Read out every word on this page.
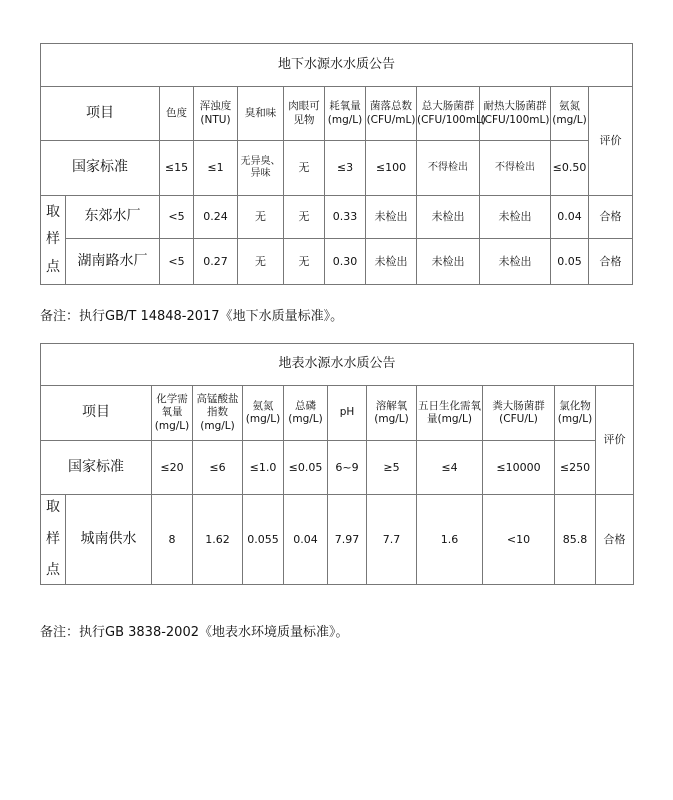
地下水源水水质公告											
项目		色度	浑浊度(NTU)	臭和味	肉眼可见物	耗氧量(mg/L)	菌落总数(CFU/mL)	总大肠菌群(CFU/100mL)	耐热大肠菌群(CFU/100mL)	氨氮(mg/L)	评价
国家标准		≤15	≤1	无异臭、异味	无	≤3	≤100	不得检出	不得检出	≤0.50	

取
样
点	东郊水厂	<5	0.24	无	无	0.33	未检出	未检出	未检出	0.04	合格
	湖南路水厂	<5	0.27	无	无	0.30	未检出	未检出	未检出	0.05	合格
备注：执行GB/T 14848-2017《地下水质量标准》。
地表水源水水质公告											
项目		化学需氧量(mg/L)	高锰酸盐指数(mg/L)	氨氮(mg/L)	总磷(mg/L)	pH	溶解氧(mg/L)	五日生化需氧量(mg/L)	粪大肠菌群(CFU/L)	氯化物(mg/L)	评价
国家标准		≤20	≤6	≤1.0	≤0.05	6~9	≥5	≤4	≤10000	≤250	

取
样
点	城南供水	8	1.62	0.055	0.04	7.97	7.7	1.6	<10	85.8	合格
备注：执行GB 3838-2002《地表水环境质量标准》。
